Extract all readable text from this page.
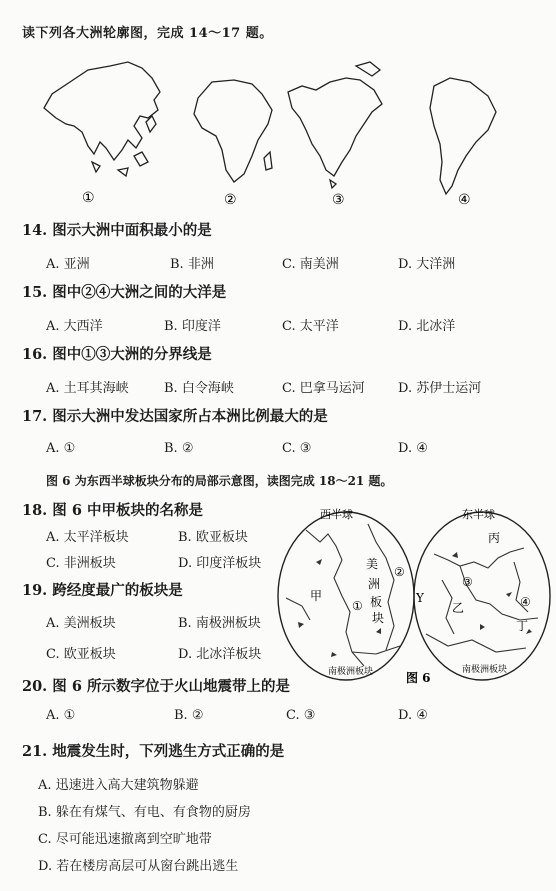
读下列各大洲轮廓图，完成 14～17 题。
①	②	③	④
14. 图示大洲中面积最小的是
A. 亚洲	B. 非洲	C. 南美洲	D. 大洋洲
15. 图中②④大洲之间的大洋是
A. 大西洋	B. 印度洋	C. 太平洋	D. 北冰洋
16. 图中①③大洲的分界线是
A. 土耳其海峡	B. 白令海峡	C. 巴拿马运河	D. 苏伊士运河
17. 图示大洲中发达国家所占本洲比例最大的是
A. ①	B. ②	C. ③	D. ④
图 6 为东西半球板块分布的局部示意图，读图完成 18～21 题。
18. 图 6 中甲板块的名称是
A. 太平洋板块	B. 欧亚板块
C. 非洲板块	D. 印度洋板块
19. 跨经度最广的板块是
A. 美洲板块	B. 南极洲板块
C. 欧亚板块	D. 北冰洋板块
西半球
甲
美
洲
板
块
①
②
南极洲板块
Y
东半球
丙
乙
丁
③
④
南极洲板块
图 6
20. 图 6 所示数字位于火山地震带上的是
A. ①	B. ②	C. ③	D. ④
21. 地震发生时，下列逃生方式正确的是
A. 迅速进入高大建筑物躲避
B. 躲在有煤气、有电、有食物的厨房
C. 尽可能迅速撤离到空旷地带
D. 若在楼房高层可从窗台跳出逃生
